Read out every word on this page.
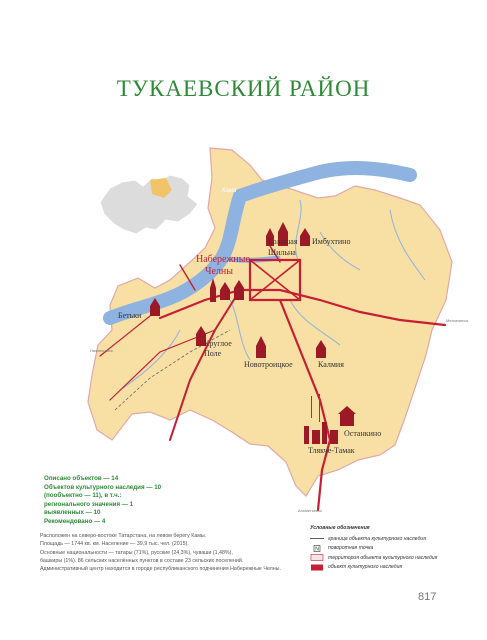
ТУКАЕВСКИЙ РАЙОН
Кама
Мензелинск
Нижнекамск
Альметьевск
Большая
Шильна
Имбухтино
Бетьки
Круглое
Поле
Новотроицкое	Калмия
Останкино
Тлякче-Тамак
Набережные
Челны
Описано объектов — 14
Объектов культурного наследия — 10
(пообъектно — 11), в т.ч.:
регионального значения — 1
выявленных — 10
Рекомендовано — 4
Расположен на северо-востоке Татарстана, на левом берегу Камы.
Площадь — 1744 кв. км. Население — 39,9 тыс. чел. (2015).
Основные национальности — татары (71%), русские (24,3%), чуваши (1,48%),
башкиры (1%). 86 сельских населённых пунктов в составе 23 сельских поселений.
Административный центр находится в городе республиканского подчинения Набережные Челны.
Условные обозначения
граница объекта культурного наследия
N поворотная точка
территория объекта культурного наследия
объект культурного наследия
817
